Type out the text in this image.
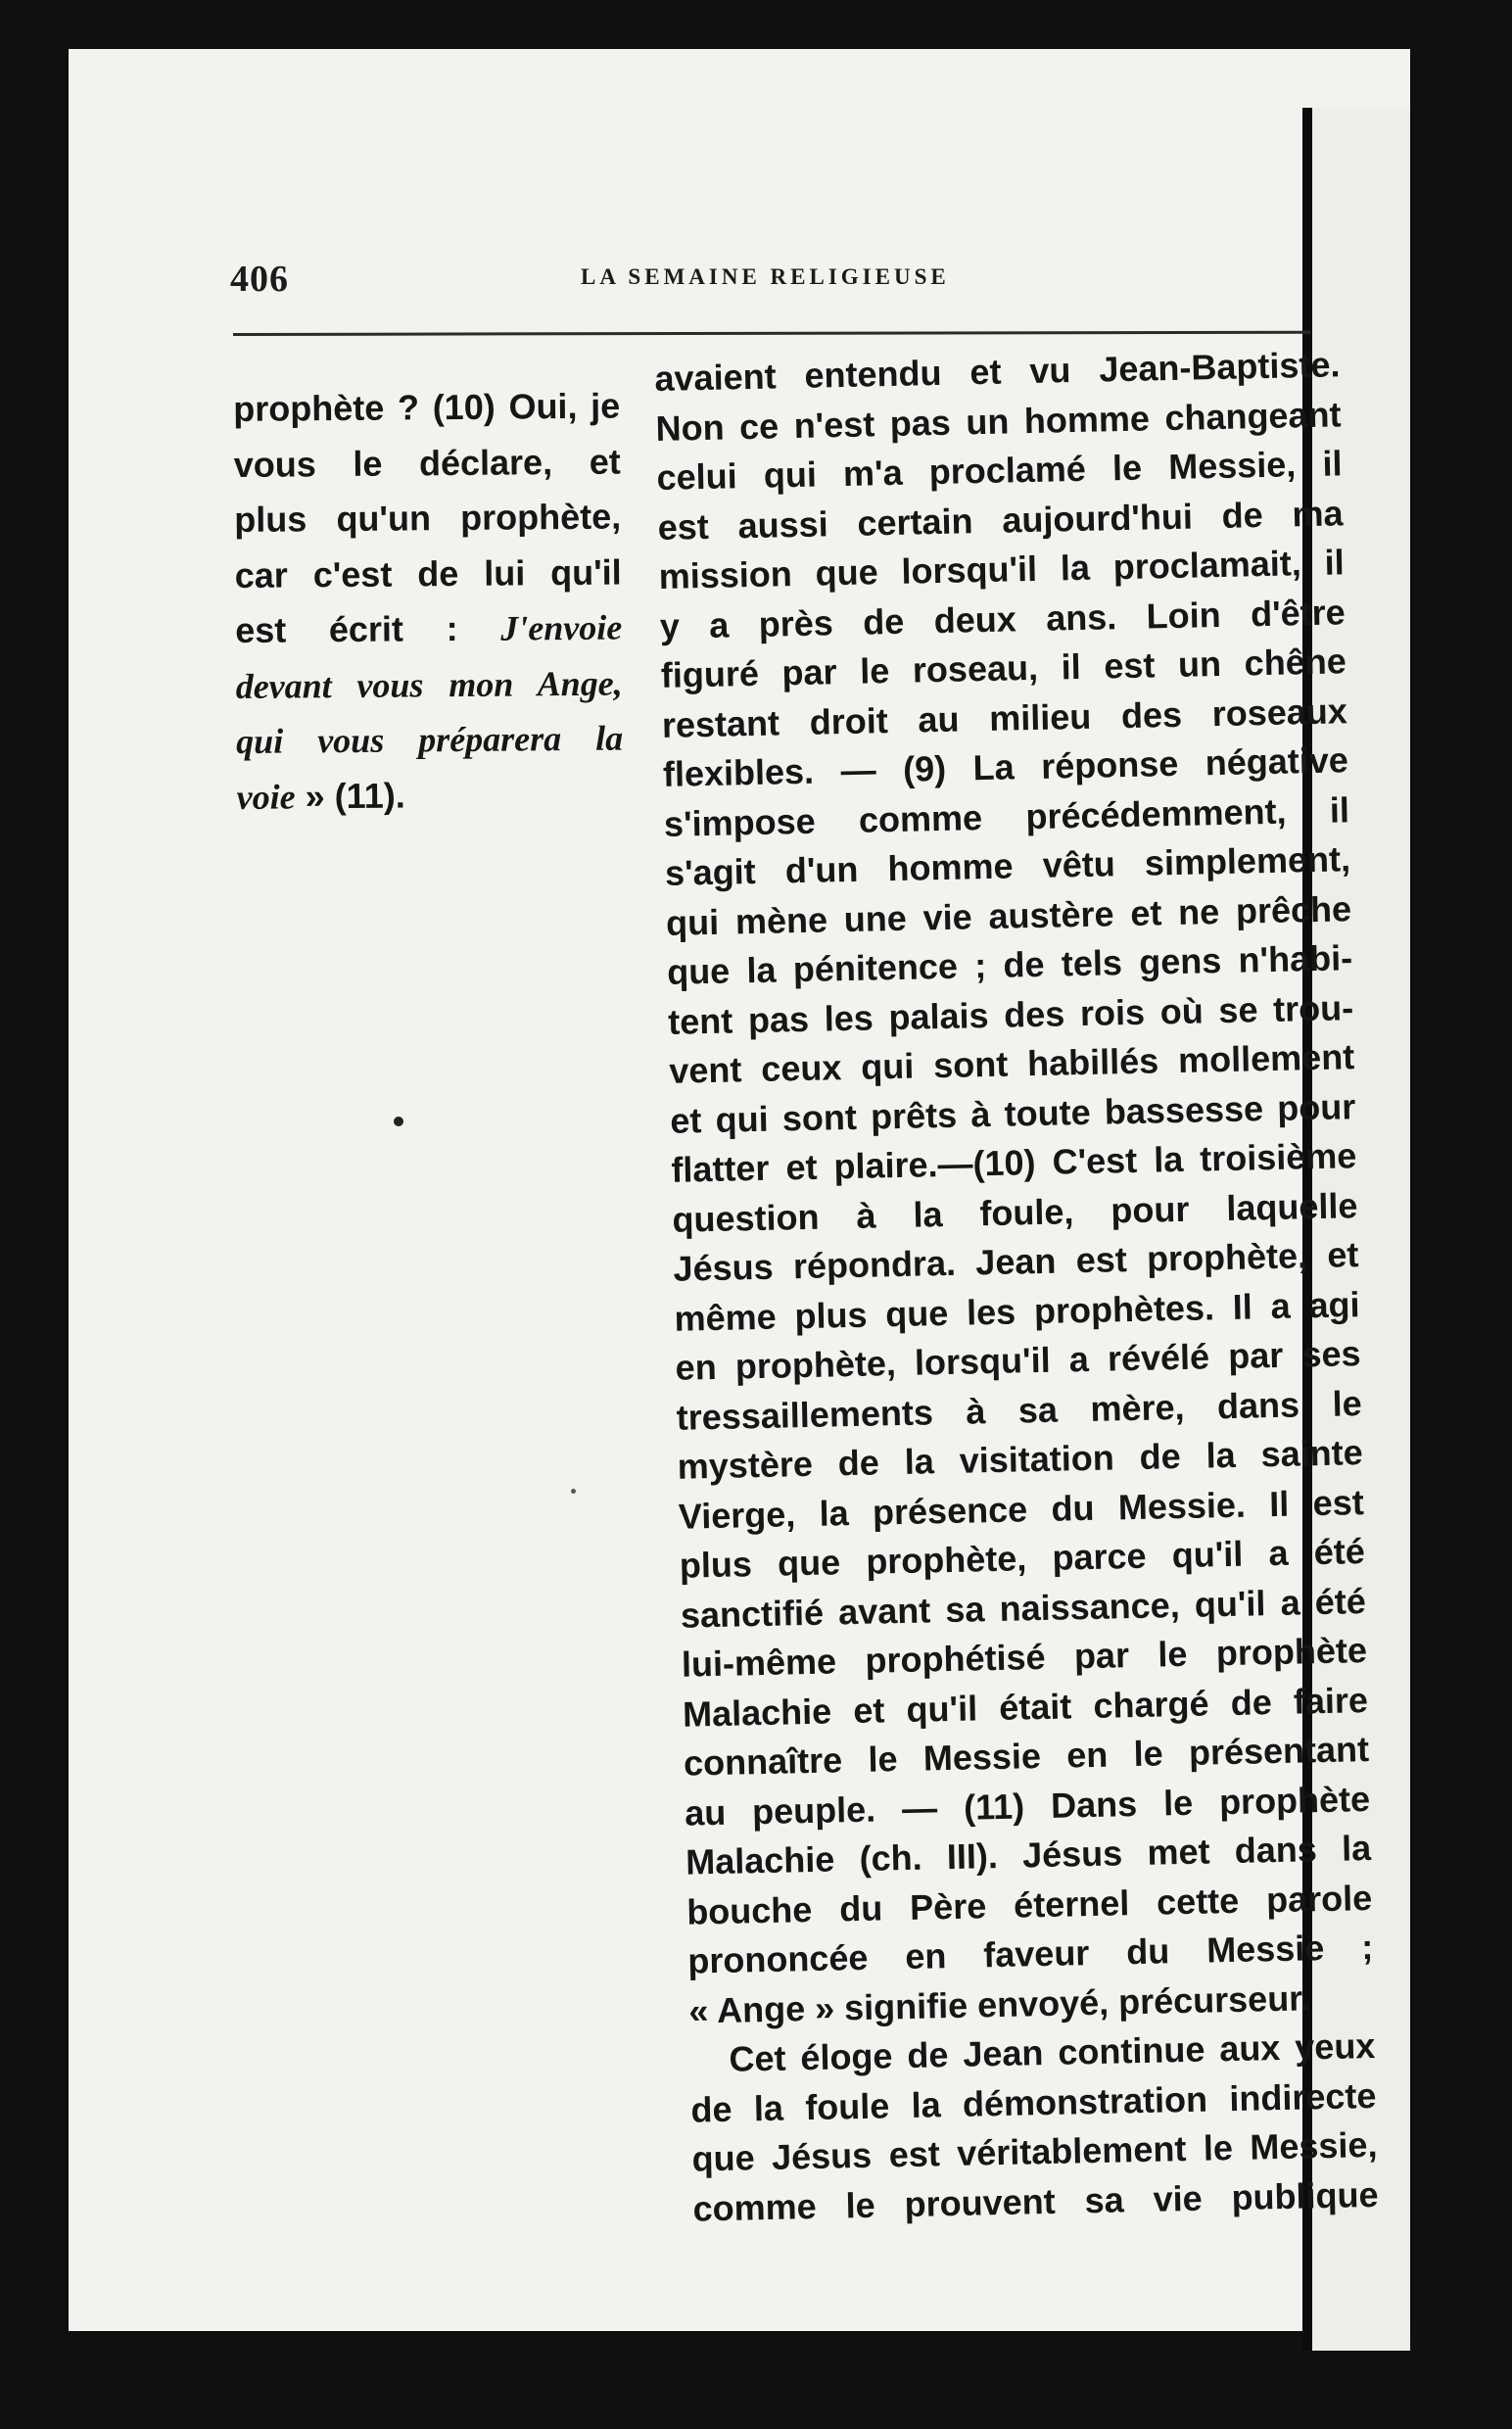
406	LA SEMAINE RELIGIEUSE
prophète ? (10) Oui, je
vous le déclare, et
plus qu'un prophète,
car c'est de lui qu'il
est écrit : J'envoie
devant vous mon Ange,
qui vous préparera la
voie » (11).
avaient entendu et vu Jean-Baptiste.
Non ce n'est pas un homme changeant
celui qui m'a proclamé le Messie, il
est aussi certain aujourd'hui de ma
mission que lorsqu'il la proclamait, il
y a près de deux ans. Loin d'être
figuré par le roseau, il est un chêne
restant droit au milieu des roseaux
flexibles. — (9) La réponse négative
s'impose comme précédemment, il
s'agit d'un homme vêtu simplement,
qui mène une vie austère et ne prêche
que la pénitence ; de tels gens n'habi-
tent pas les palais des rois où se trou-
vent ceux qui sont habillés mollement
et qui sont prêts à toute bassesse pour
flatter et plaire.—(10) C'est la troisième
question à la foule, pour laquelle
Jésus répondra. Jean est prophète, et
même plus que les prophètes. Il a agi
en prophète, lorsqu'il a révélé par ses
tressaillements à sa mère, dans le
mystère de la visitation de la sainte
Vierge, la présence du Messie. Il est
plus que prophète, parce qu'il a été
sanctifié avant sa naissance, qu'il a été
lui-même prophétisé par le prophète
Malachie et qu'il était chargé de faire
connaître le Messie en le présentant
au peuple. — (11) Dans le prophète
Malachie (ch. III). Jésus met dans la
bouche du Père éternel cette parole
prononcée en faveur du Messie ;
« Ange » signifie envoyé, précurseur.
Cet éloge de Jean continue aux yeux
de la foule la démonstration indirecte
que Jésus est véritablement le Messie,
comme le prouvent sa vie publique
